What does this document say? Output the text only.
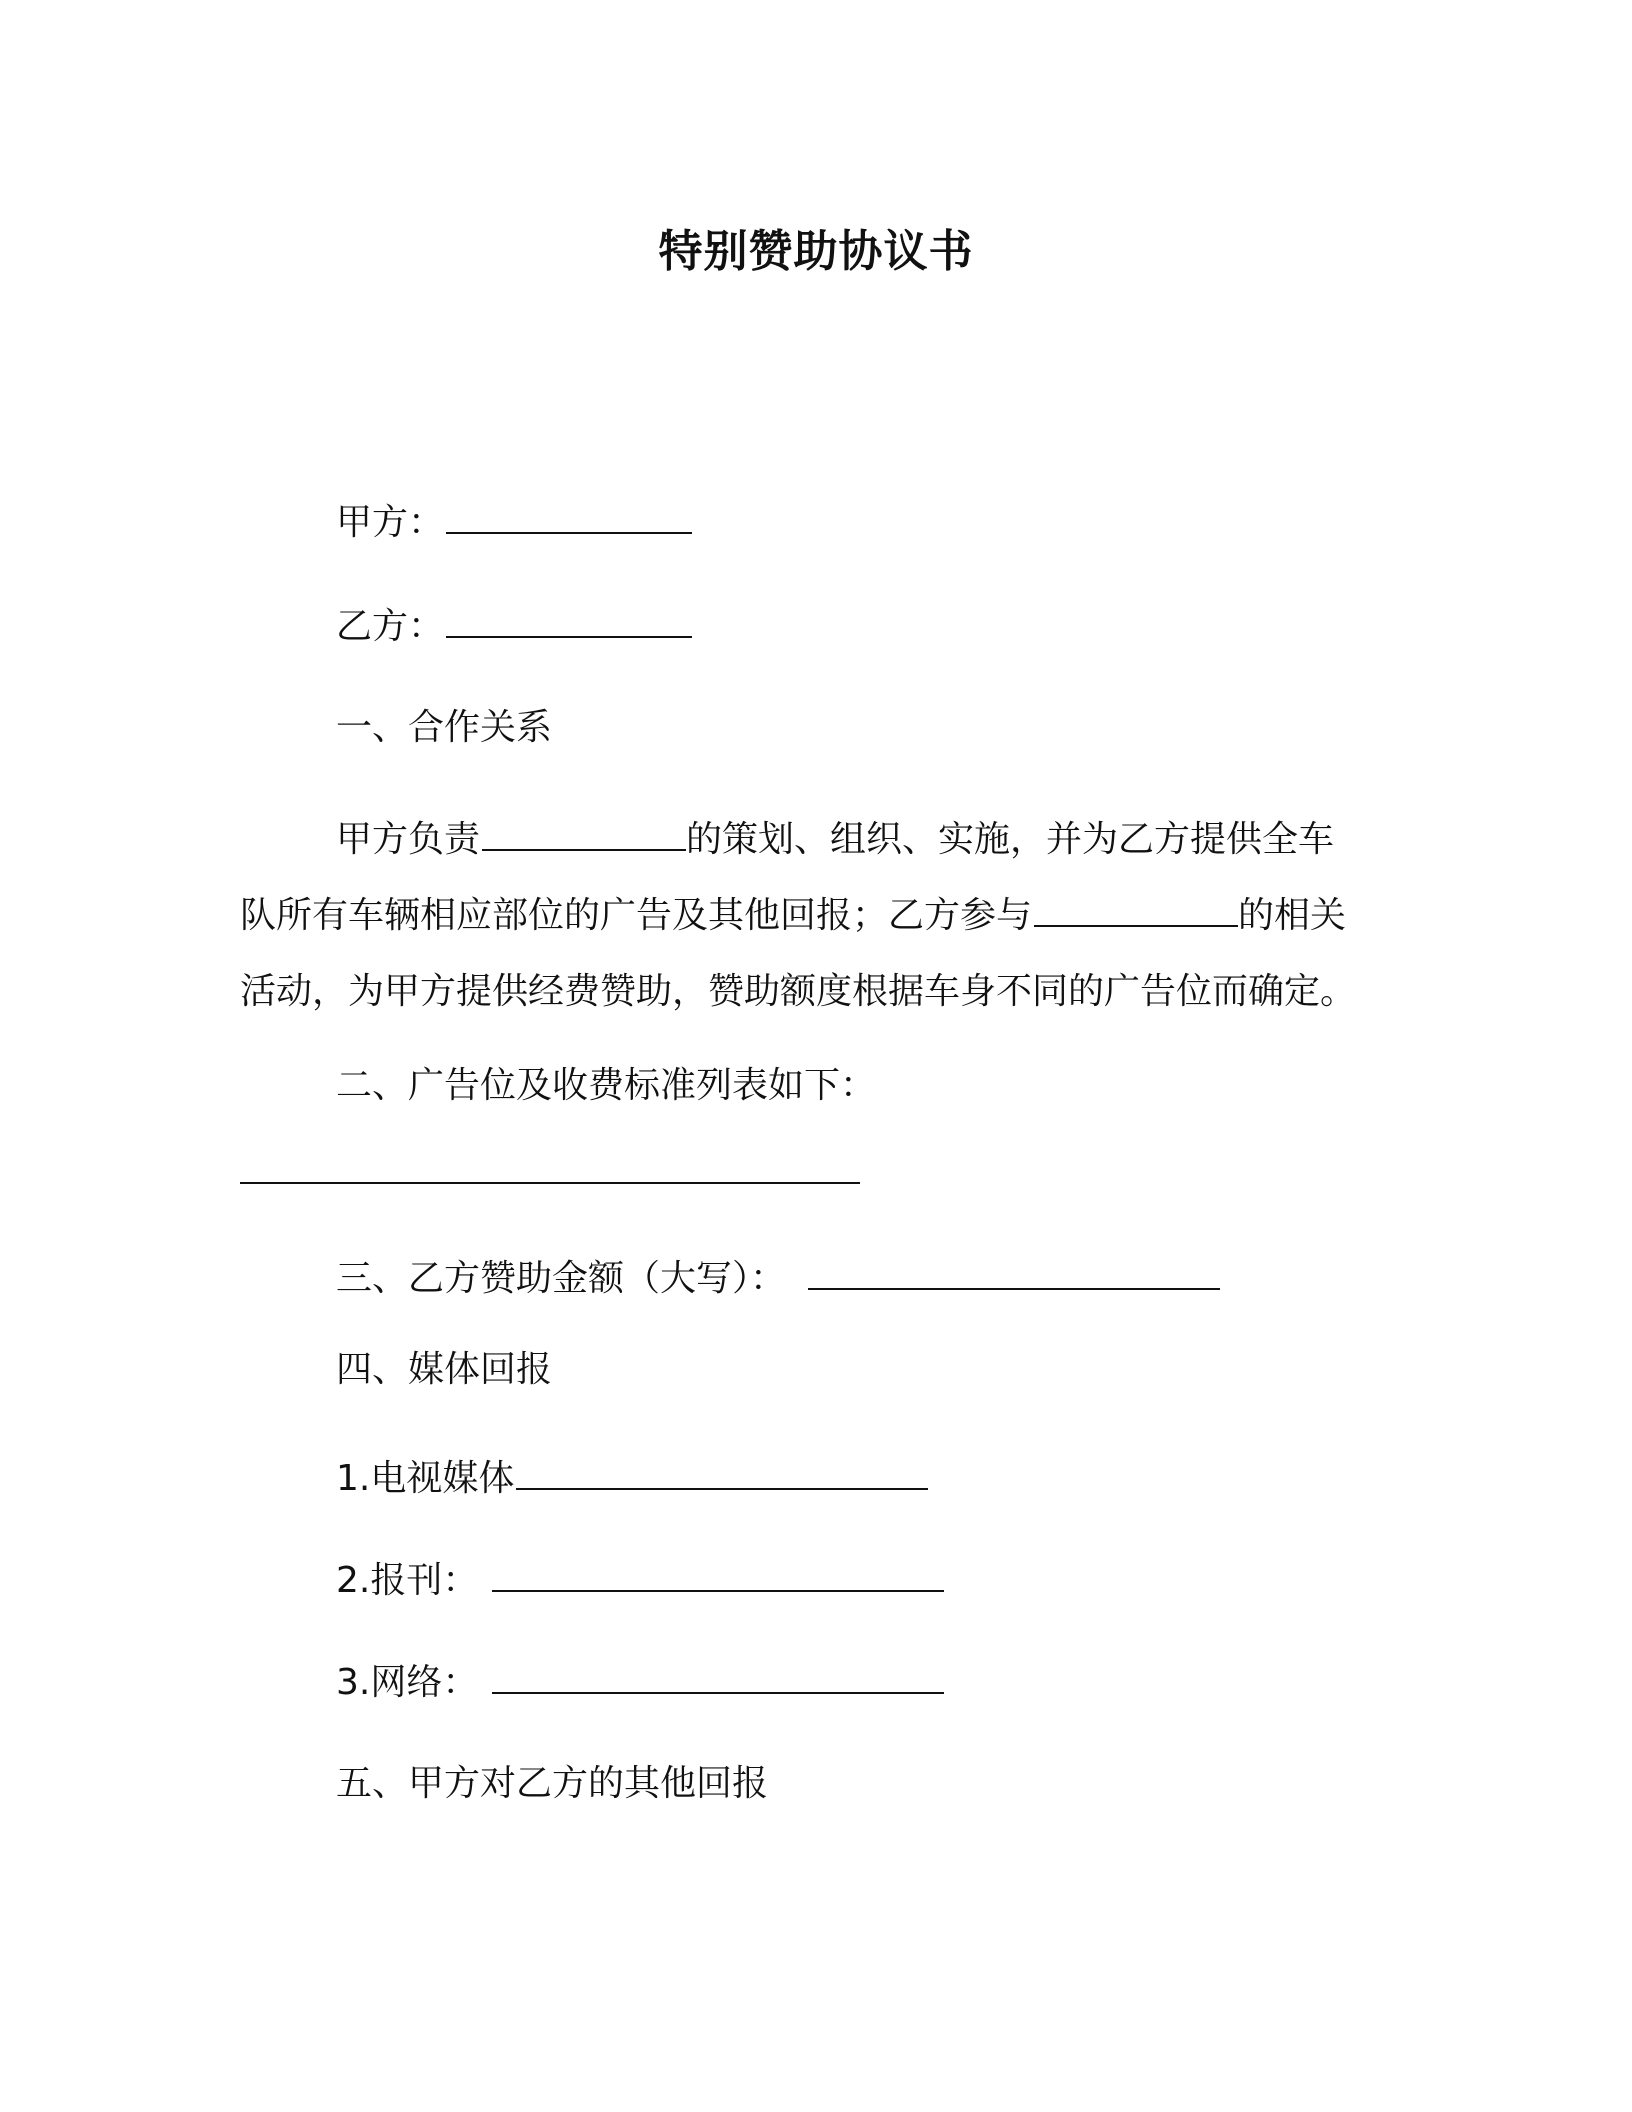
特别赞助协议书
甲方：
乙方：
一、合作关系
甲方负责	的策划、组织、实施，并为乙方提供全车
队所有车辆相应部位的广告及其他回报；乙方参与	的相关
活动，为甲方提供经费赞助，赞助额度根据车身不同的广告位而确定。
二、广告位及收费标准列表如下：
三、乙方赞助金额（大写）：
四、媒体回报
1.电视媒体
2.报刊：
3.网络：
五、甲方对乙方的其他回报
